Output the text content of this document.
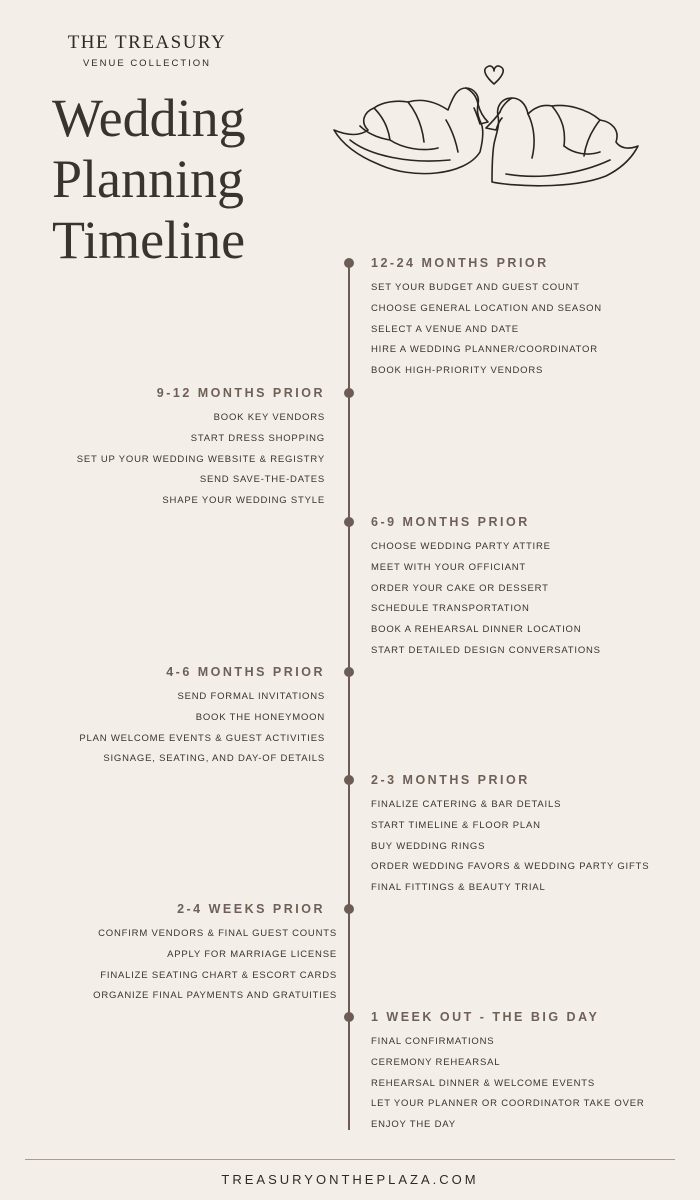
THE TREASURY
VENUE COLLECTION
Wedding
Planning
Timeline	12-24 MONTHS PRIOR
SET YOUR BUDGET AND GUEST COUNT
CHOOSE GENERAL LOCATION AND SEASON
SELECT A VENUE AND DATE
HIRE A WEDDING PLANNER/COORDINATOR
BOOK HIGH-PRIORITY VENDORS
9-12 MONTHS PRIOR
BOOK KEY VENDORS
START DRESS SHOPPING
SET UP YOUR WEDDING WEBSITE & REGISTRY
SEND SAVE-THE-DATES
SHAPE YOUR WEDDING STYLE
6-9 MONTHS PRIOR
CHOOSE WEDDING PARTY ATTIRE
MEET WITH YOUR OFFICIANT
ORDER YOUR CAKE OR DESSERT
SCHEDULE TRANSPORTATION
BOOK A REHEARSAL DINNER LOCATION
START DETAILED DESIGN CONVERSATIONS
4-6 MONTHS PRIOR
SEND FORMAL INVITATIONS
BOOK THE HONEYMOON
PLAN WELCOME EVENTS & GUEST ACTIVITIES
SIGNAGE, SEATING, AND DAY-OF DETAILS
2-3 MONTHS PRIOR
FINALIZE CATERING & BAR DETAILS
START TIMELINE & FLOOR PLAN
BUY WEDDING RINGS
ORDER WEDDING FAVORS & WEDDING PARTY GIFTS
FINAL FITTINGS & BEAUTY TRIAL
2-4 WEEKS PRIOR
CONFIRM VENDORS & FINAL GUEST COUNTS
APPLY FOR MARRIAGE LICENSE
FINALIZE SEATING CHART & ESCORT CARDS
ORGANIZE FINAL PAYMENTS AND GRATUITIES
1 WEEK OUT - THE BIG DAY
FINAL CONFIRMATIONS
CEREMONY REHEARSAL
REHEARSAL DINNER & WELCOME EVENTS
LET YOUR PLANNER OR COORDINATOR TAKE OVER
ENJOY THE DAY
TREASURYONTHEPLAZA.COM
